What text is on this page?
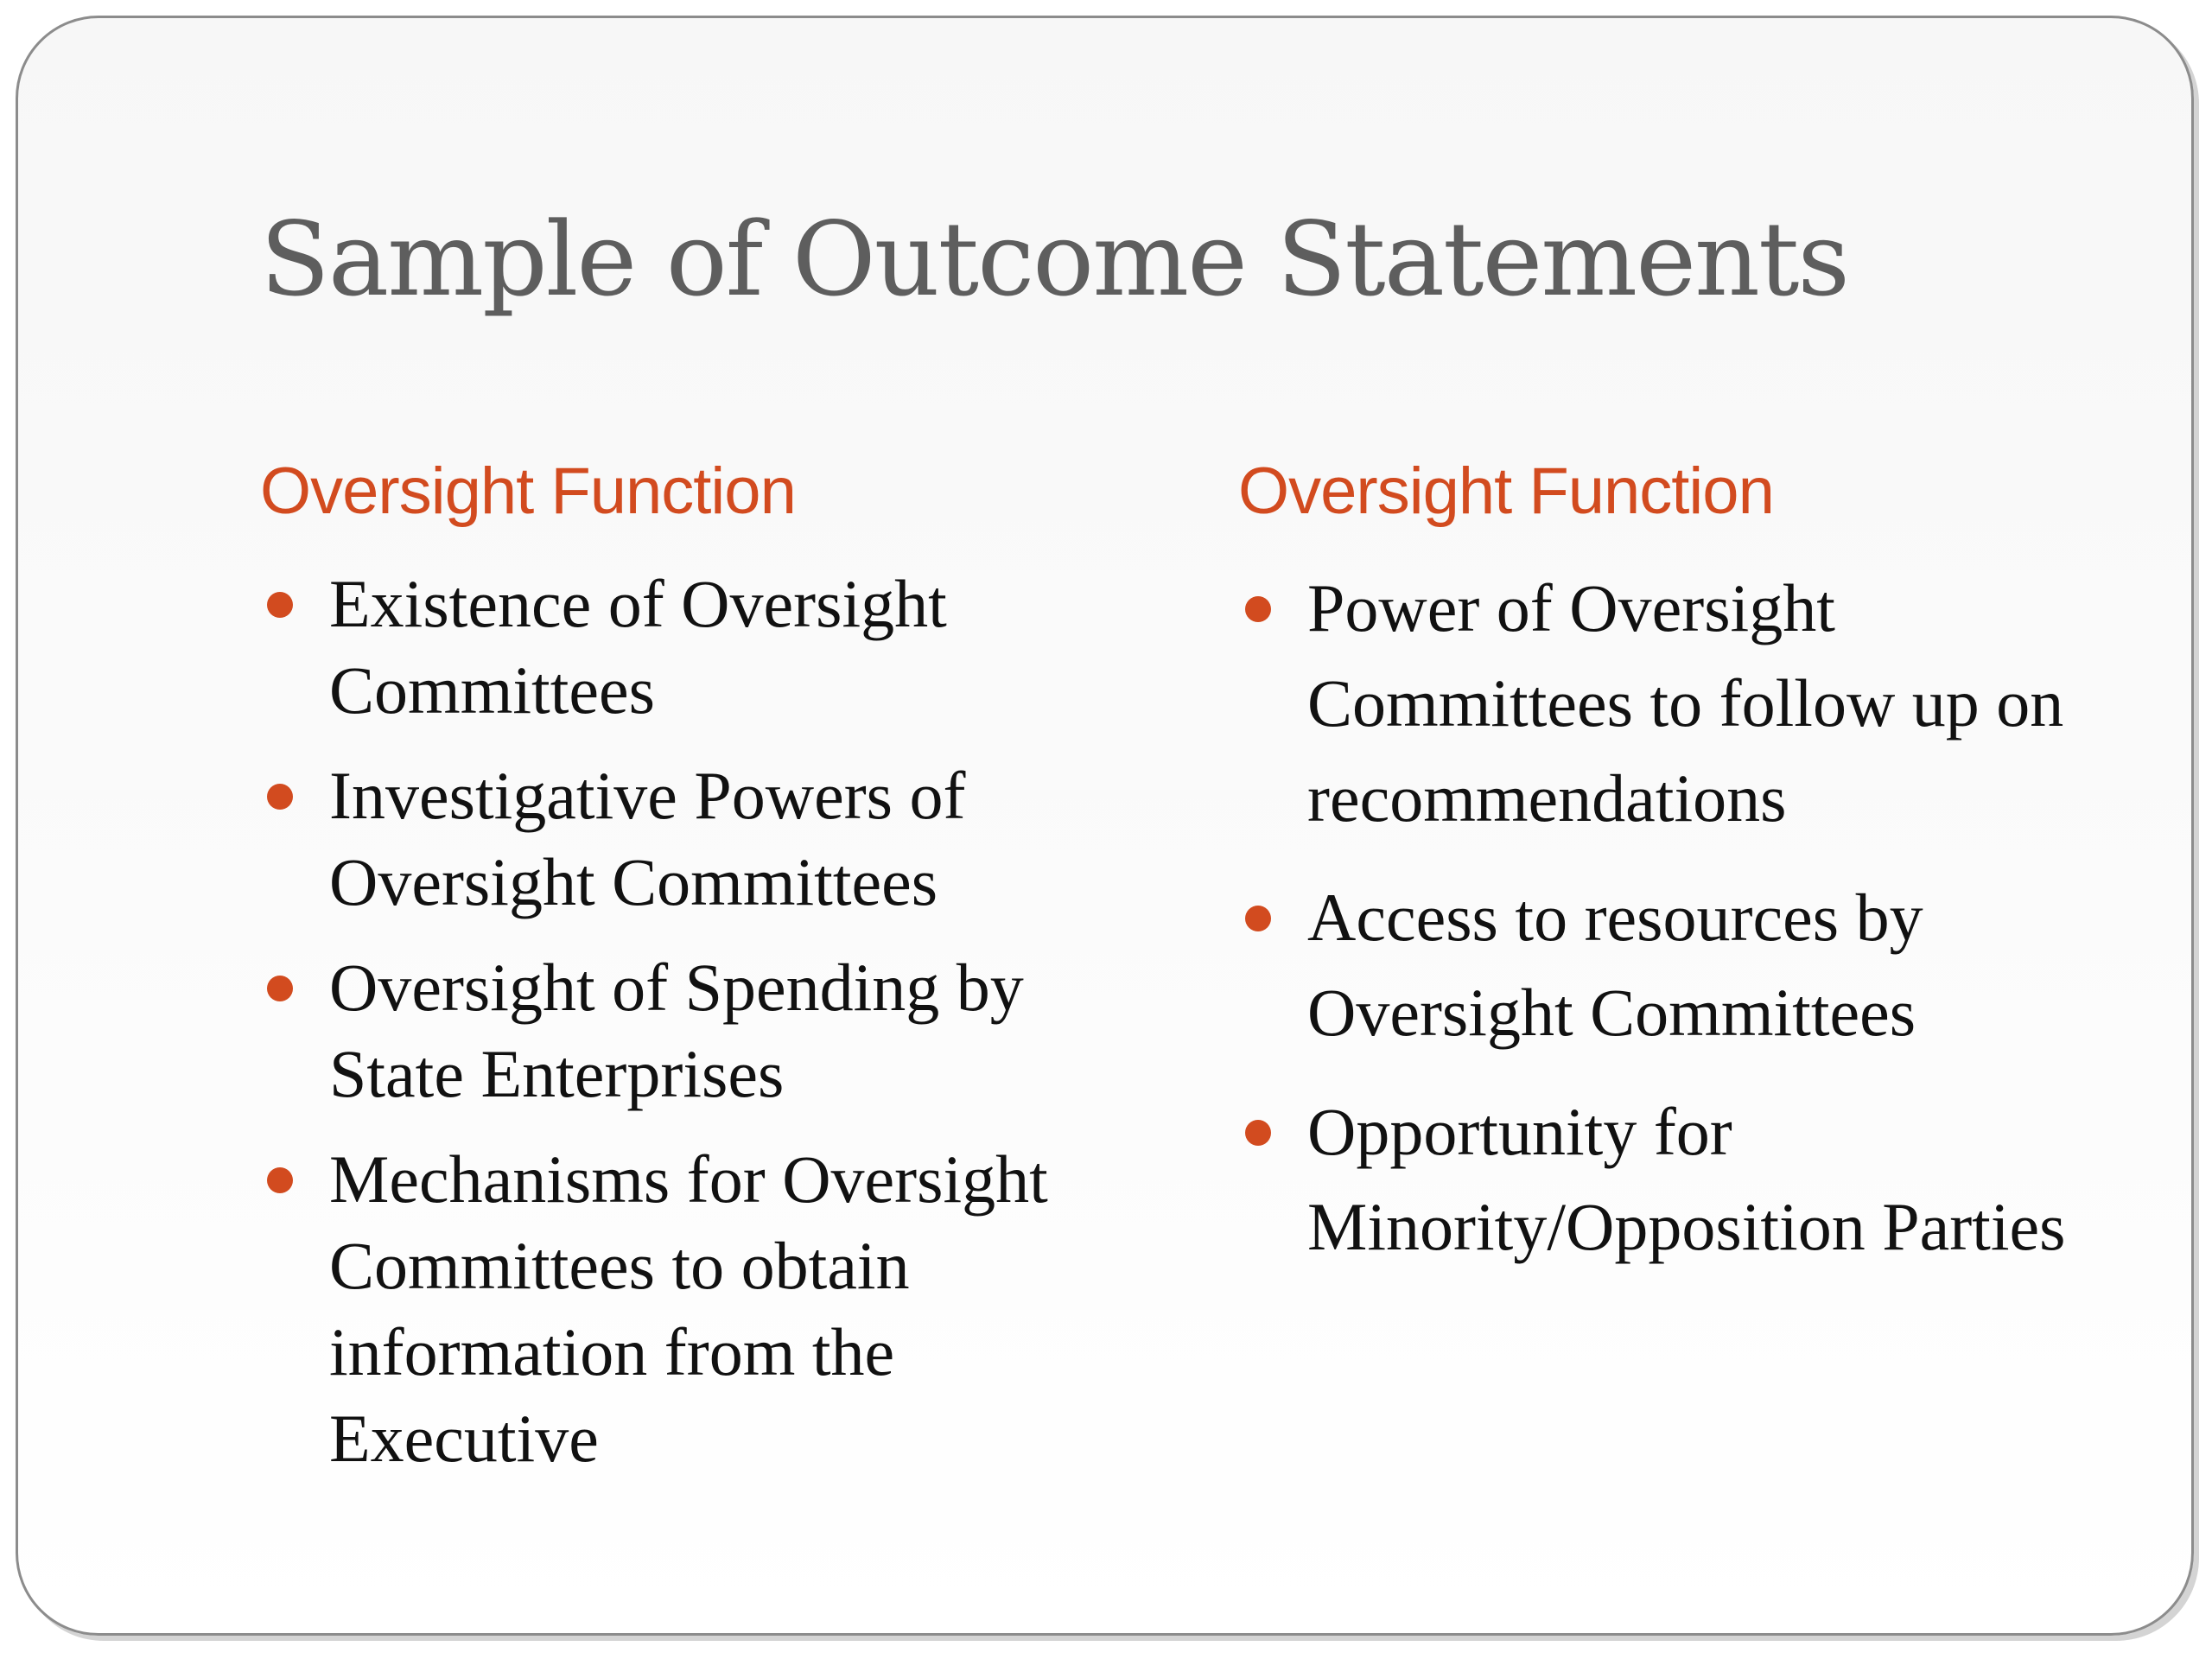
Sample of Outcome Statements
Oversight Function
Existence of Oversight Committees
Investigative Powers of Oversight Committees
Oversight of Spending by State Enterprises
Mechanisms for Oversight Committees to obtain information from the Executive
Oversight Function
Power of Oversight Committees to follow up on recommendations
Access to resources by Oversight Committees
Opportunity for Minority/Opposition Parties
